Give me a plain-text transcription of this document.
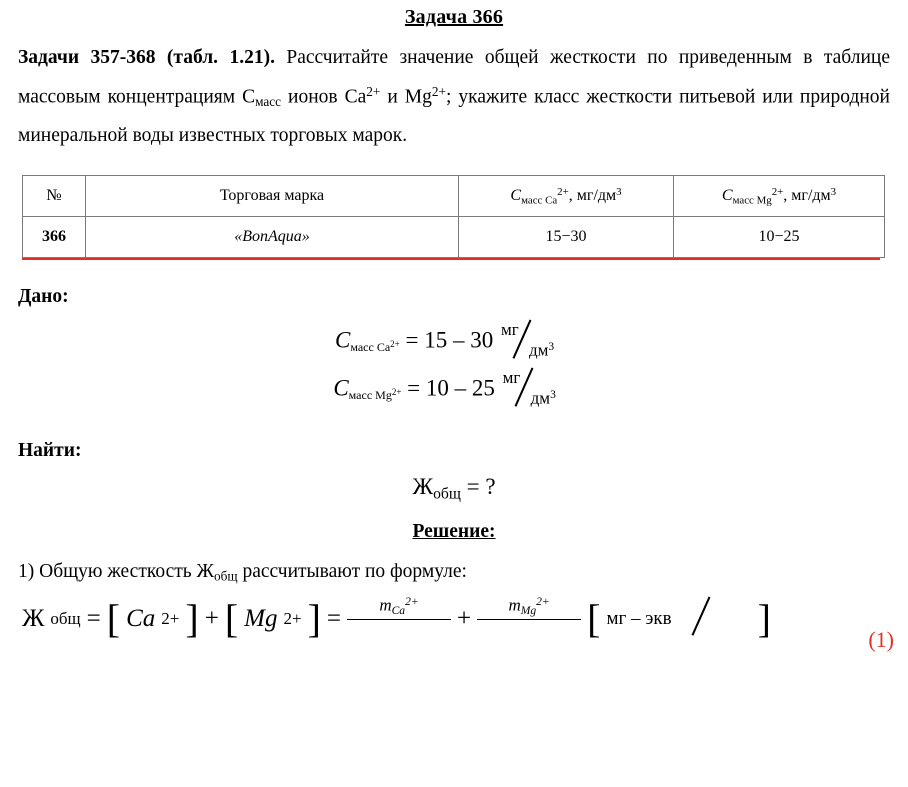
Задача 366
Задачи 357-368 (табл. 1.21). Рассчитайте значение общей жесткости по приведенным в таблице массовым концентрациям $С_{масс}$ ионов $Ca^{2+}$ и $Mg^{2+}$; укажите класс жесткости питьевой или природной минеральной воды известных торговых марок.
№	Торговая марка	$C_{масс Ca}^{2+}$, $мг/дм^3$	$C_{масс Mg}^{2+}$, $мг/дм^3$
366	«BonAqua»	15−30	10−25
Дано:
Cмасс $Ca^{2+} = 15 - 30$ мг
$дм^3$

Cмасс $Mg^{2+} = 10 - 25$ мг
$дм^3$
Найти:
$Ж_{общ}$ = ?
Решение:
1) Общую жесткость $Ж_{общ}$ рассчитывают по формуле:
Ж общ = [ Ca 2+ ] + [ Mg 2+ ] =	$m_{Ca}^{2+}$
+	$m_{Mg}^{2+}$ [ мг – экв ]	(1)
